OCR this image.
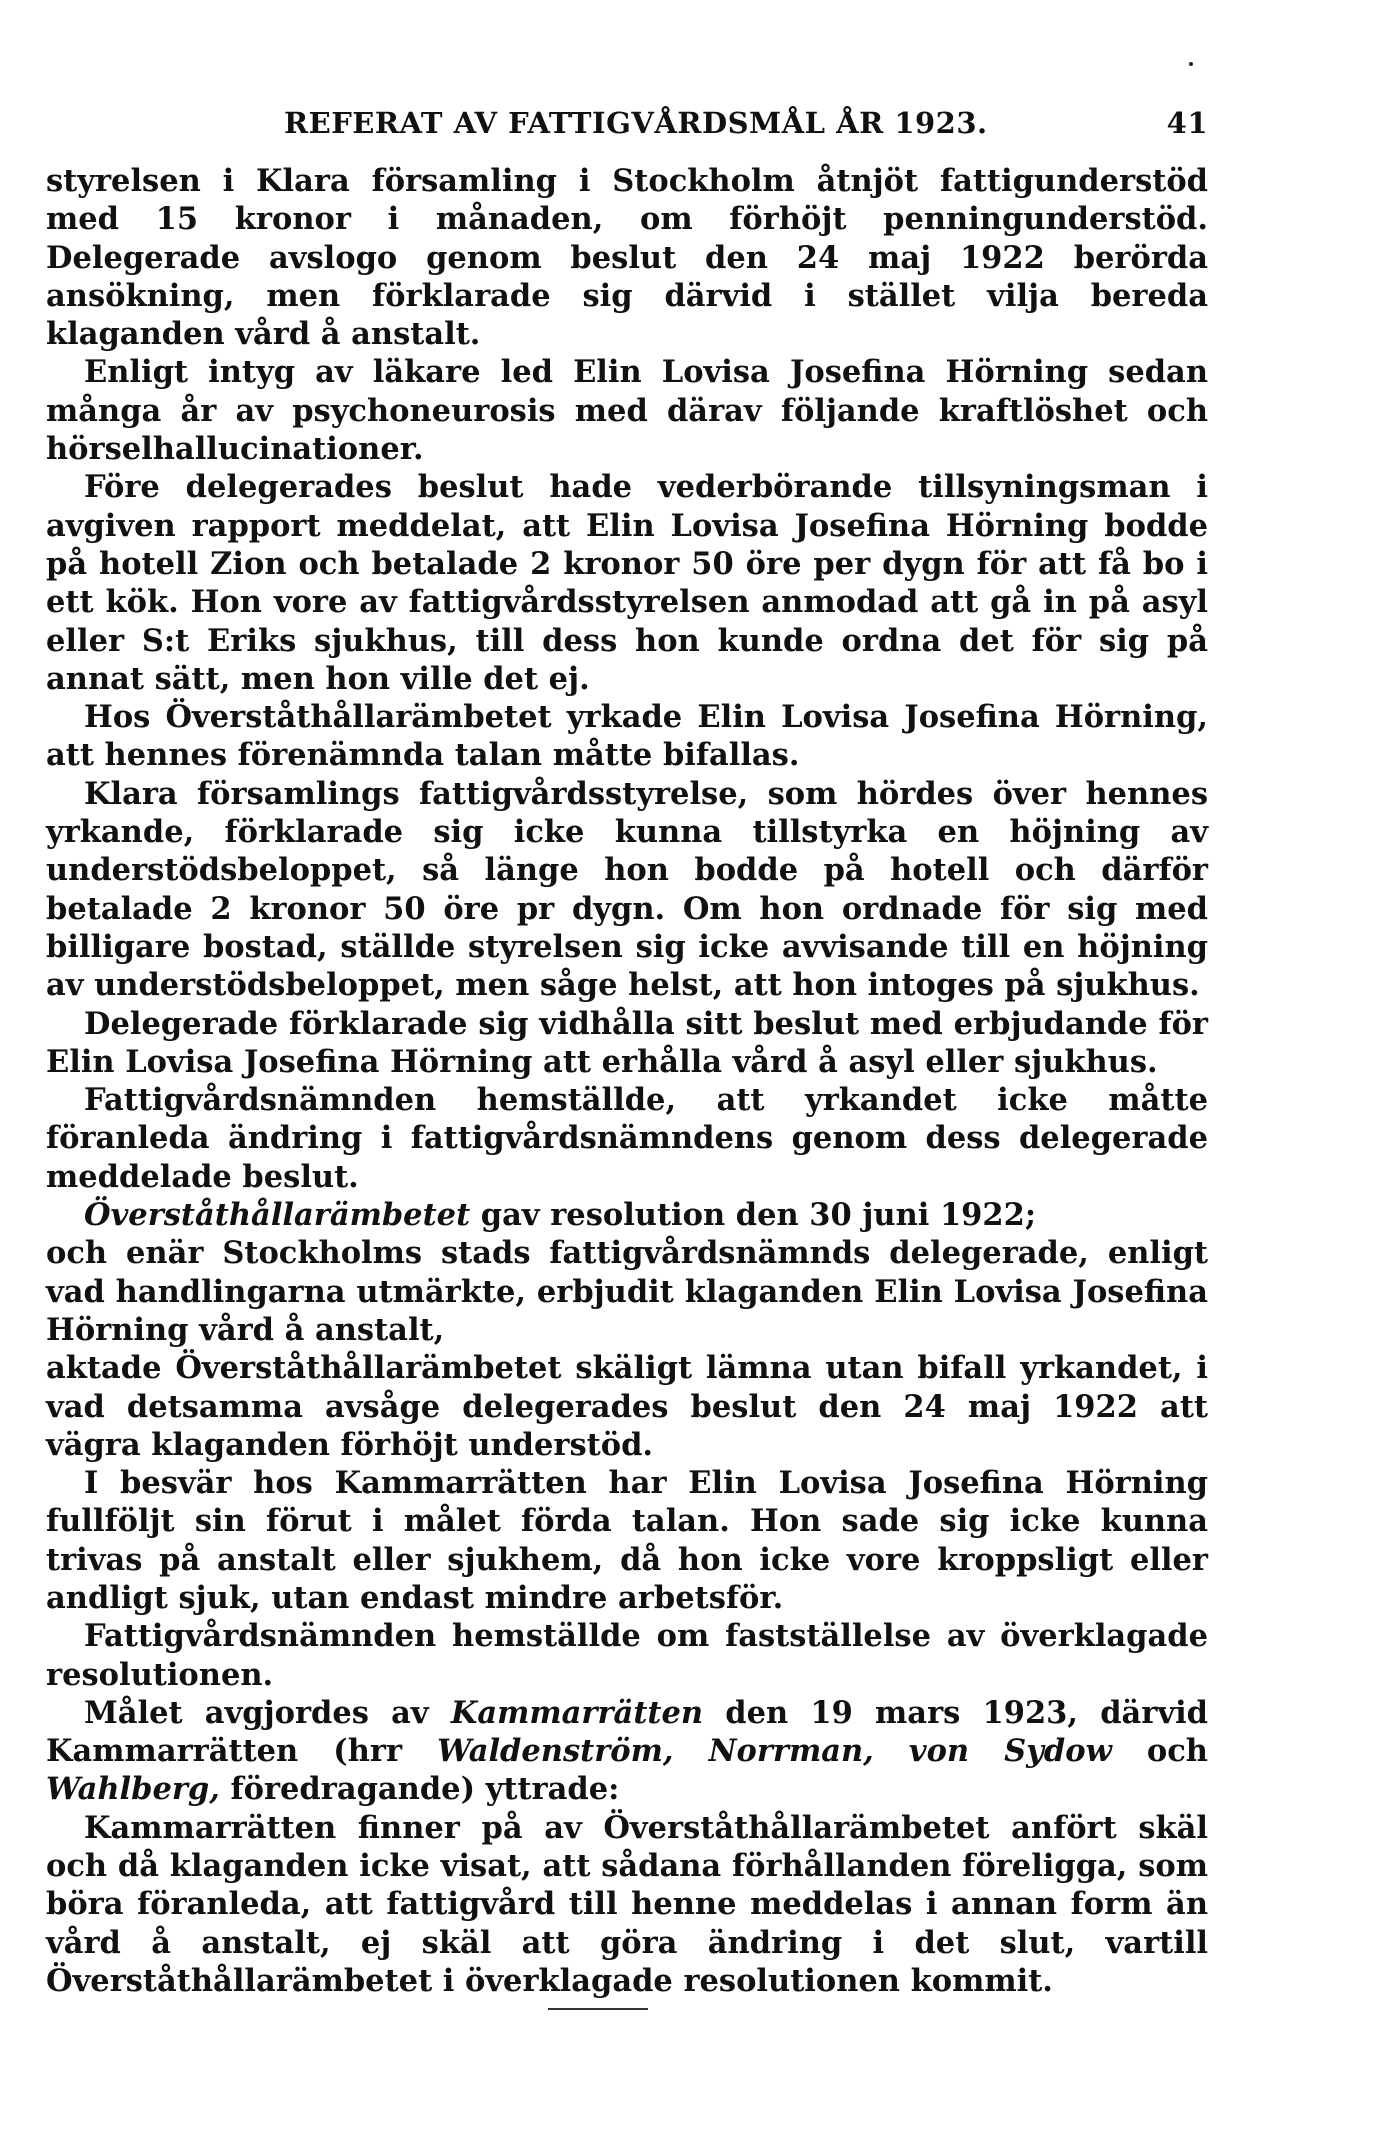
REFERAT AV FATTIGVÅRDSMÅL ÅR 1923.	41

styrelsen i Klara församling i Stockholm åtnjöt fattigunderstöd med 15 kronor i månaden, om förhöjt penningunderstöd. Delegerade avslogo genom beslut den 24 maj 1922 berörda ansökning, men förklarade sig därvid i stället vilja bereda klaganden vård å anstalt.

Enligt intyg av läkare led Elin Lovisa Josefina Hörning sedan många år av psychoneurosis med därav följande kraftlöshet och hörselhallucinationer.

Före delegerades beslut hade vederbörande tillsyningsman i avgiven rapport meddelat, att Elin Lovisa Josefina Hörning bodde på hotell Zion och betalade 2 kronor 50 öre per dygn för att få bo i ett kök. Hon vore av fattigvårdsstyrelsen anmodad att gå in på asyl eller S:t Eriks sjukhus, till dess hon kunde ordna det för sig på annat sätt, men hon ville det ej.

Hos Överståthållarämbetet yrkade Elin Lovisa Josefina Hörning, att hennes förenämnda talan måtte bifallas.

Klara församlings fattigvårdsstyrelse, som hördes över hennes yrkande, förklarade sig icke kunna tillstyrka en höjning av understödsbeloppet, så länge hon bodde på hotell och därför betalade 2 kronor 50 öre pr dygn. Om hon ordnade för sig med billigare bostad, ställde styrelsen sig icke avvisande till en höjning av understödsbeloppet, men såge helst, att hon intoges på sjukhus.

Delegerade förklarade sig vidhålla sitt beslut med erbjudande för Elin Lovisa Josefina Hörning att erhålla vård å asyl eller sjukhus.

Fattigvårdsnämnden hemställde, att yrkandet icke måtte föranleda ändring i fattigvårdsnämndens genom dess delegerade meddelade beslut.

Överståthållarämbetet gav resolution den 30 juni 1922;

och enär Stockholms stads fattigvårdsnämnds delegerade, enligt vad handlingarna utmärkte, erbjudit klaganden Elin Lovisa Josefina Hörning vård å anstalt,

aktade Överståthållarämbetet skäligt lämna utan bifall yrkandet, i vad detsamma avsåge delegerades beslut den 24 maj 1922 att vägra klaganden förhöjt understöd.

I besvär hos Kammarrätten har Elin Lovisa Josefina Hörning fullföljt sin förut i målet förda talan. Hon sade sig icke kunna trivas på anstalt eller sjukhem, då hon icke vore kroppsligt eller andligt sjuk, utan endast mindre arbetsför.

Fattigvårdsnämnden hemställde om fastställelse av överklagade resolutionen.

Målet avgjordes av Kammarrätten den 19 mars 1923, därvid Kammarrätten (hrr Waldenström, Norrman, von Sydow och Wahlberg, föredragande) yttrade:

Kammarrätten finner på av Överståthållarämbetet anfört skäl och då klaganden icke visat, att sådana förhållanden föreligga, som böra föranleda, att fattigvård till henne meddelas i annan form än vård å anstalt, ej skäl att göra ändring i det slut, vartill Överståthållarämbetet i överklagade resolutionen kommit.
